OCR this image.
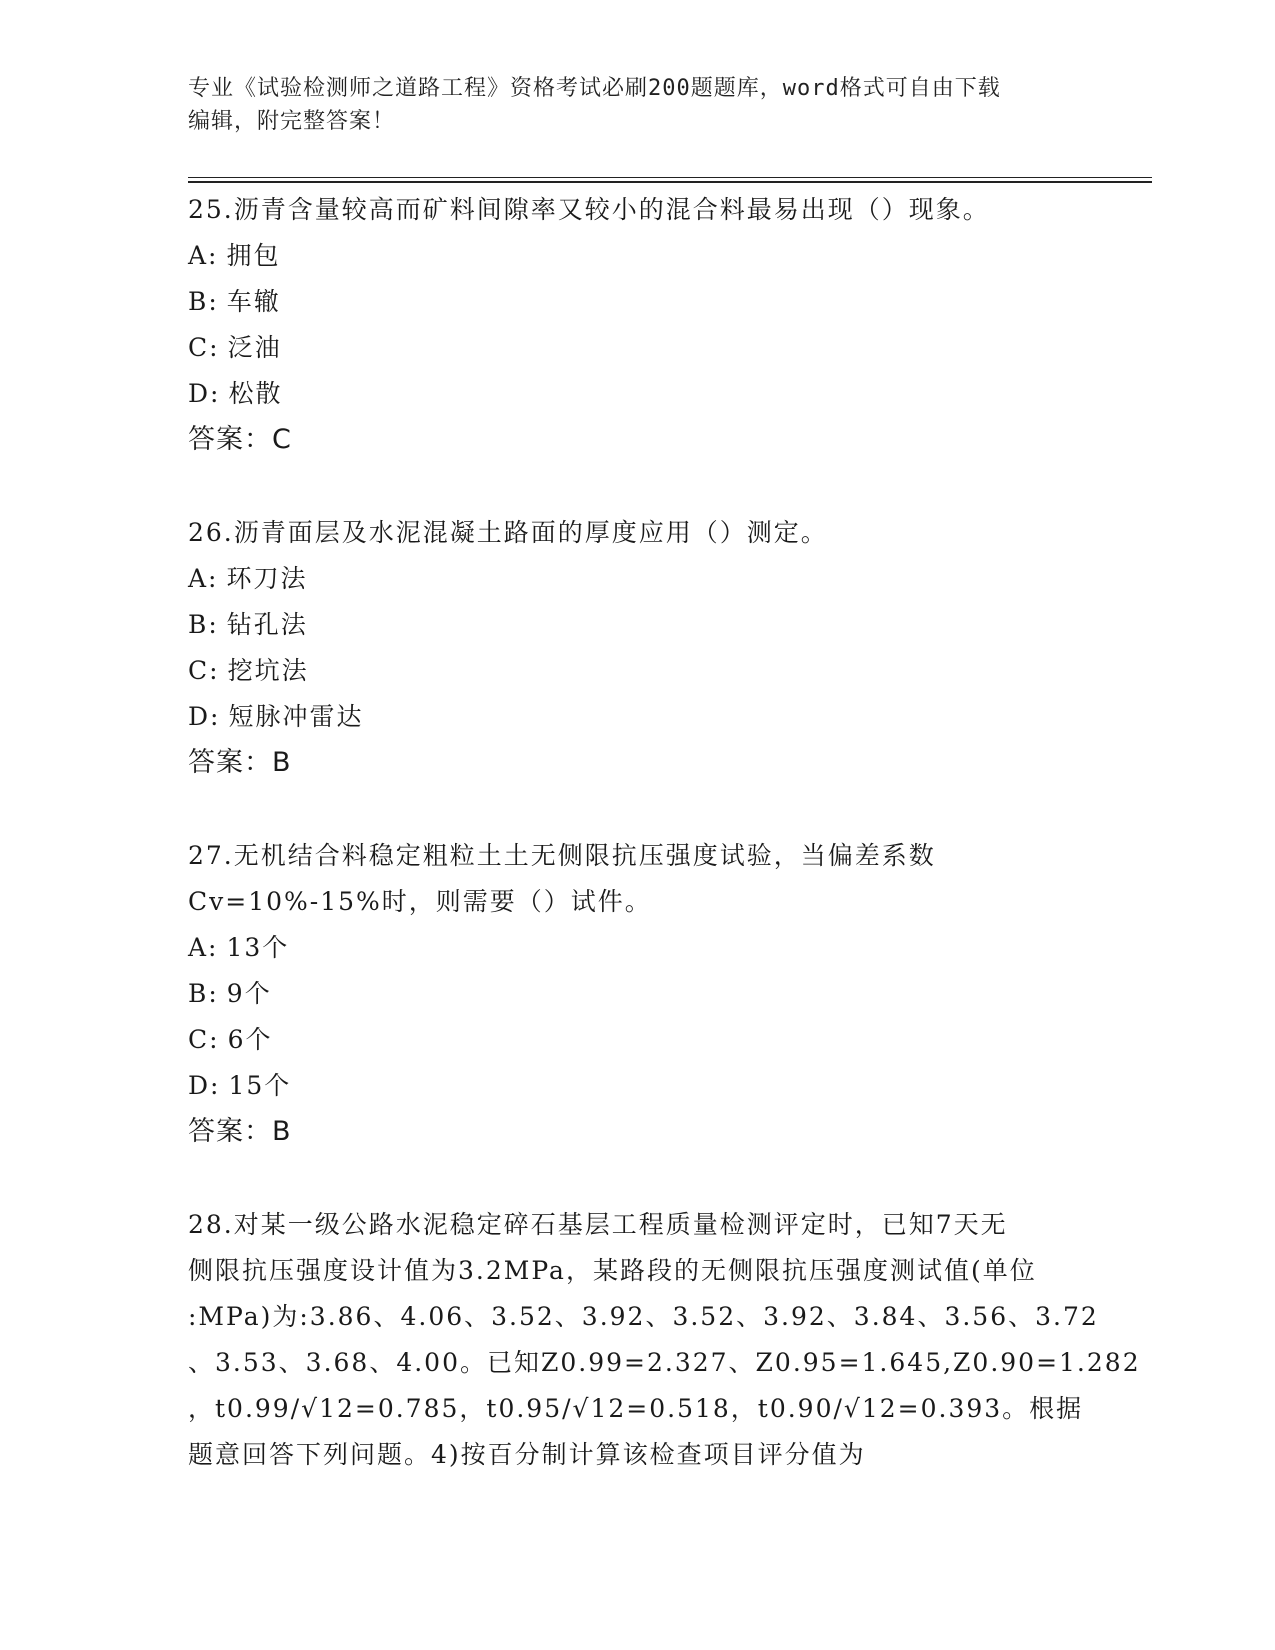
专业《试验检测师之道路工程》资格考试必刷200题题库，word格式可自由下载
编辑，附完整答案！
25.沥青含量较高而矿料间隙率又较小的混合料最易出现（）现象。
A: 拥包
B: 车辙
C: 泛油
D: 松散
答案：C
26.沥青面层及水泥混凝土路面的厚度应用（）测定。
A: 环刀法
B: 钻孔法
C: 挖坑法
D: 短脉冲雷达
答案：B
27.无机结合料稳定粗粒土土无侧限抗压强度试验，当偏差系数
Cv=10%-15%时，则需要（）试件。
A: 13个
B: 9个
C: 6个
D: 15个
答案：B
28.对某一级公路水泥稳定碎石基层工程质量检测评定时，已知7天无
侧限抗压强度设计值为3.2MPa，某路段的无侧限抗压强度测试值(单位
:MPa)为:3.86、4.06、3.52、3.92、3.52、3.92、3.84、3.56、3.72
、3.53、3.68、4.00。已知Z0.99=2.327、Z0.95=1.645,Z0.90=1.282
，t0.99/√12=0.785，t0.95/√12=0.518，t0.90/√12=0.393。根据
题意回答下列问题。4)按百分制计算该检查项目评分值为
